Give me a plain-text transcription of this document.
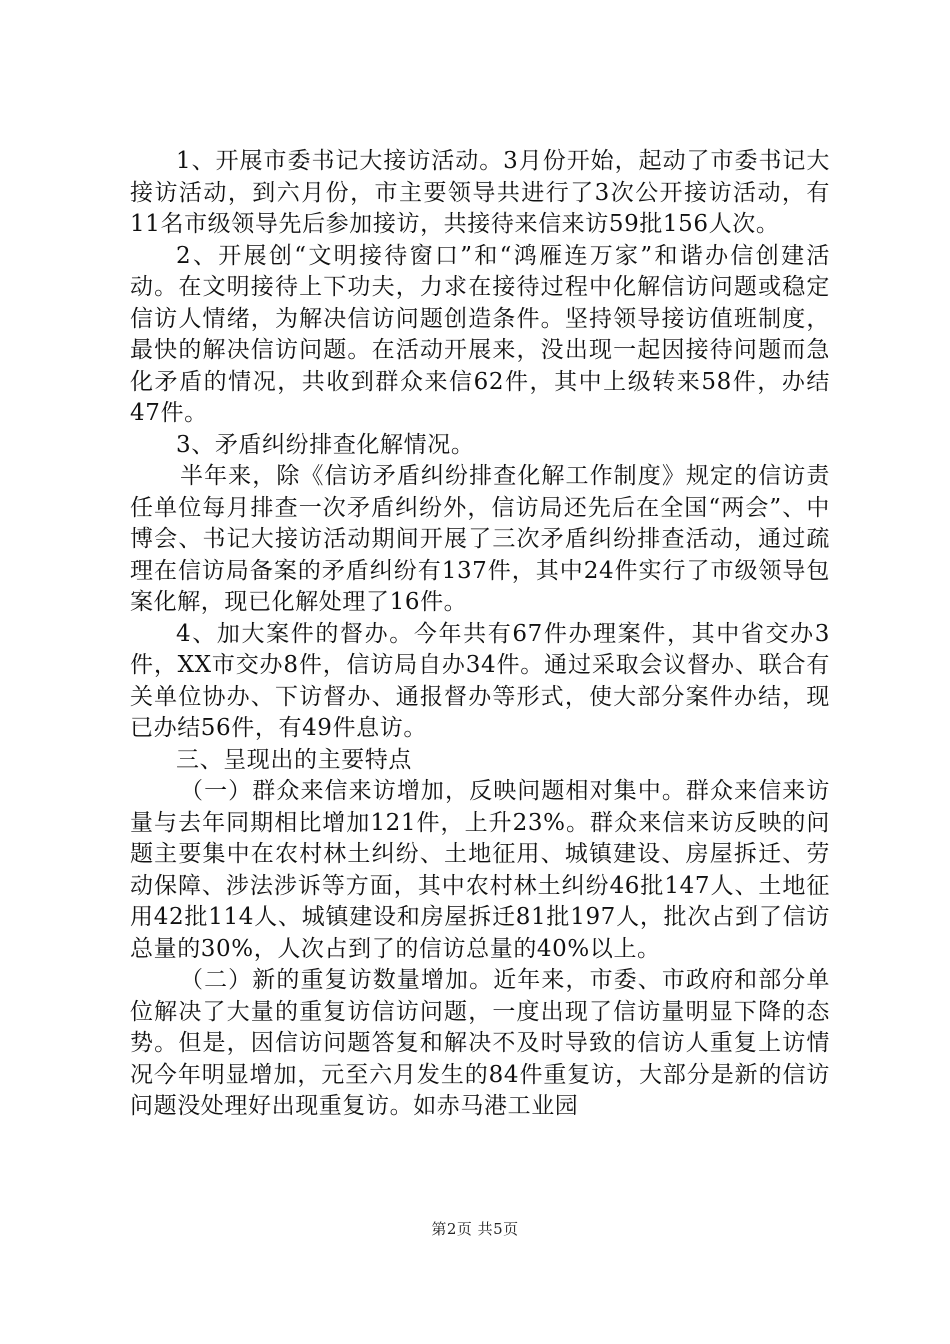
1、开展市委书记大接访活动。3月份开始，起动了市委书记大接访活动，到六月份，市主要领导共进行了3次公开接访活动，有11名市级领导先后参加接访，共接待来信来访59批156人次。

2、开展创“文明接待窗口”和“鸿雁连万家”和谐办信创建活动。在文明接待上下功夫，力求在接待过程中化解信访问题或稳定信访人情绪，为解决信访问题创造条件。坚持领导接访值班制度，最快的解决信访问题。在活动开展来，没出现一起因接待问题而急化矛盾的情况，共收到群众来信62件，其中上级转来58件，办结47件。

3、矛盾纠纷排查化解情况。

半年来，除《信访矛盾纠纷排查化解工作制度》规定的信访责任单位每月排查一次矛盾纠纷外，信访局还先后在全国“两会”、中博会、书记大接访活动期间开展了三次矛盾纠纷排查活动，通过疏理在信访局备案的矛盾纠纷有137件，其中24件实行了市级领导包案化解，现已化解处理了16件。

4、加大案件的督办。今年共有67件办理案件，其中省交办3件，XX市交办8件，信访局自办34件。通过采取会议督办、联合有关单位协办、下访督办、通报督办等形式，使大部分案件办结，现已办结56件，有49件息访。

三、呈现出的主要特点

（一）群众来信来访增加，反映问题相对集中。群众来信来访量与去年同期相比增加121件，上升23%。群众来信来访反映的问题主要集中在农村林土纠纷、土地征用、城镇建设、房屋拆迁、劳动保障、涉法涉诉等方面，其中农村林土纠纷46批147人、土地征用42批114人、城镇建设和房屋拆迁81批197人，批次占到了信访总量的30%，人次占到了的信访总量的40%以上。

（二）新的重复访数量增加。近年来，市委、市政府和部分单位解决了大量的重复访信访问题，一度出现了信访量明显下降的态势。但是，因信访问题答复和解决不及时导致的信访人重复上访情况今年明显增加，元至六月发生的84件重复访，大部分是新的信访问题没处理好出现重复访。如赤马港工业园

第2页 共5页
